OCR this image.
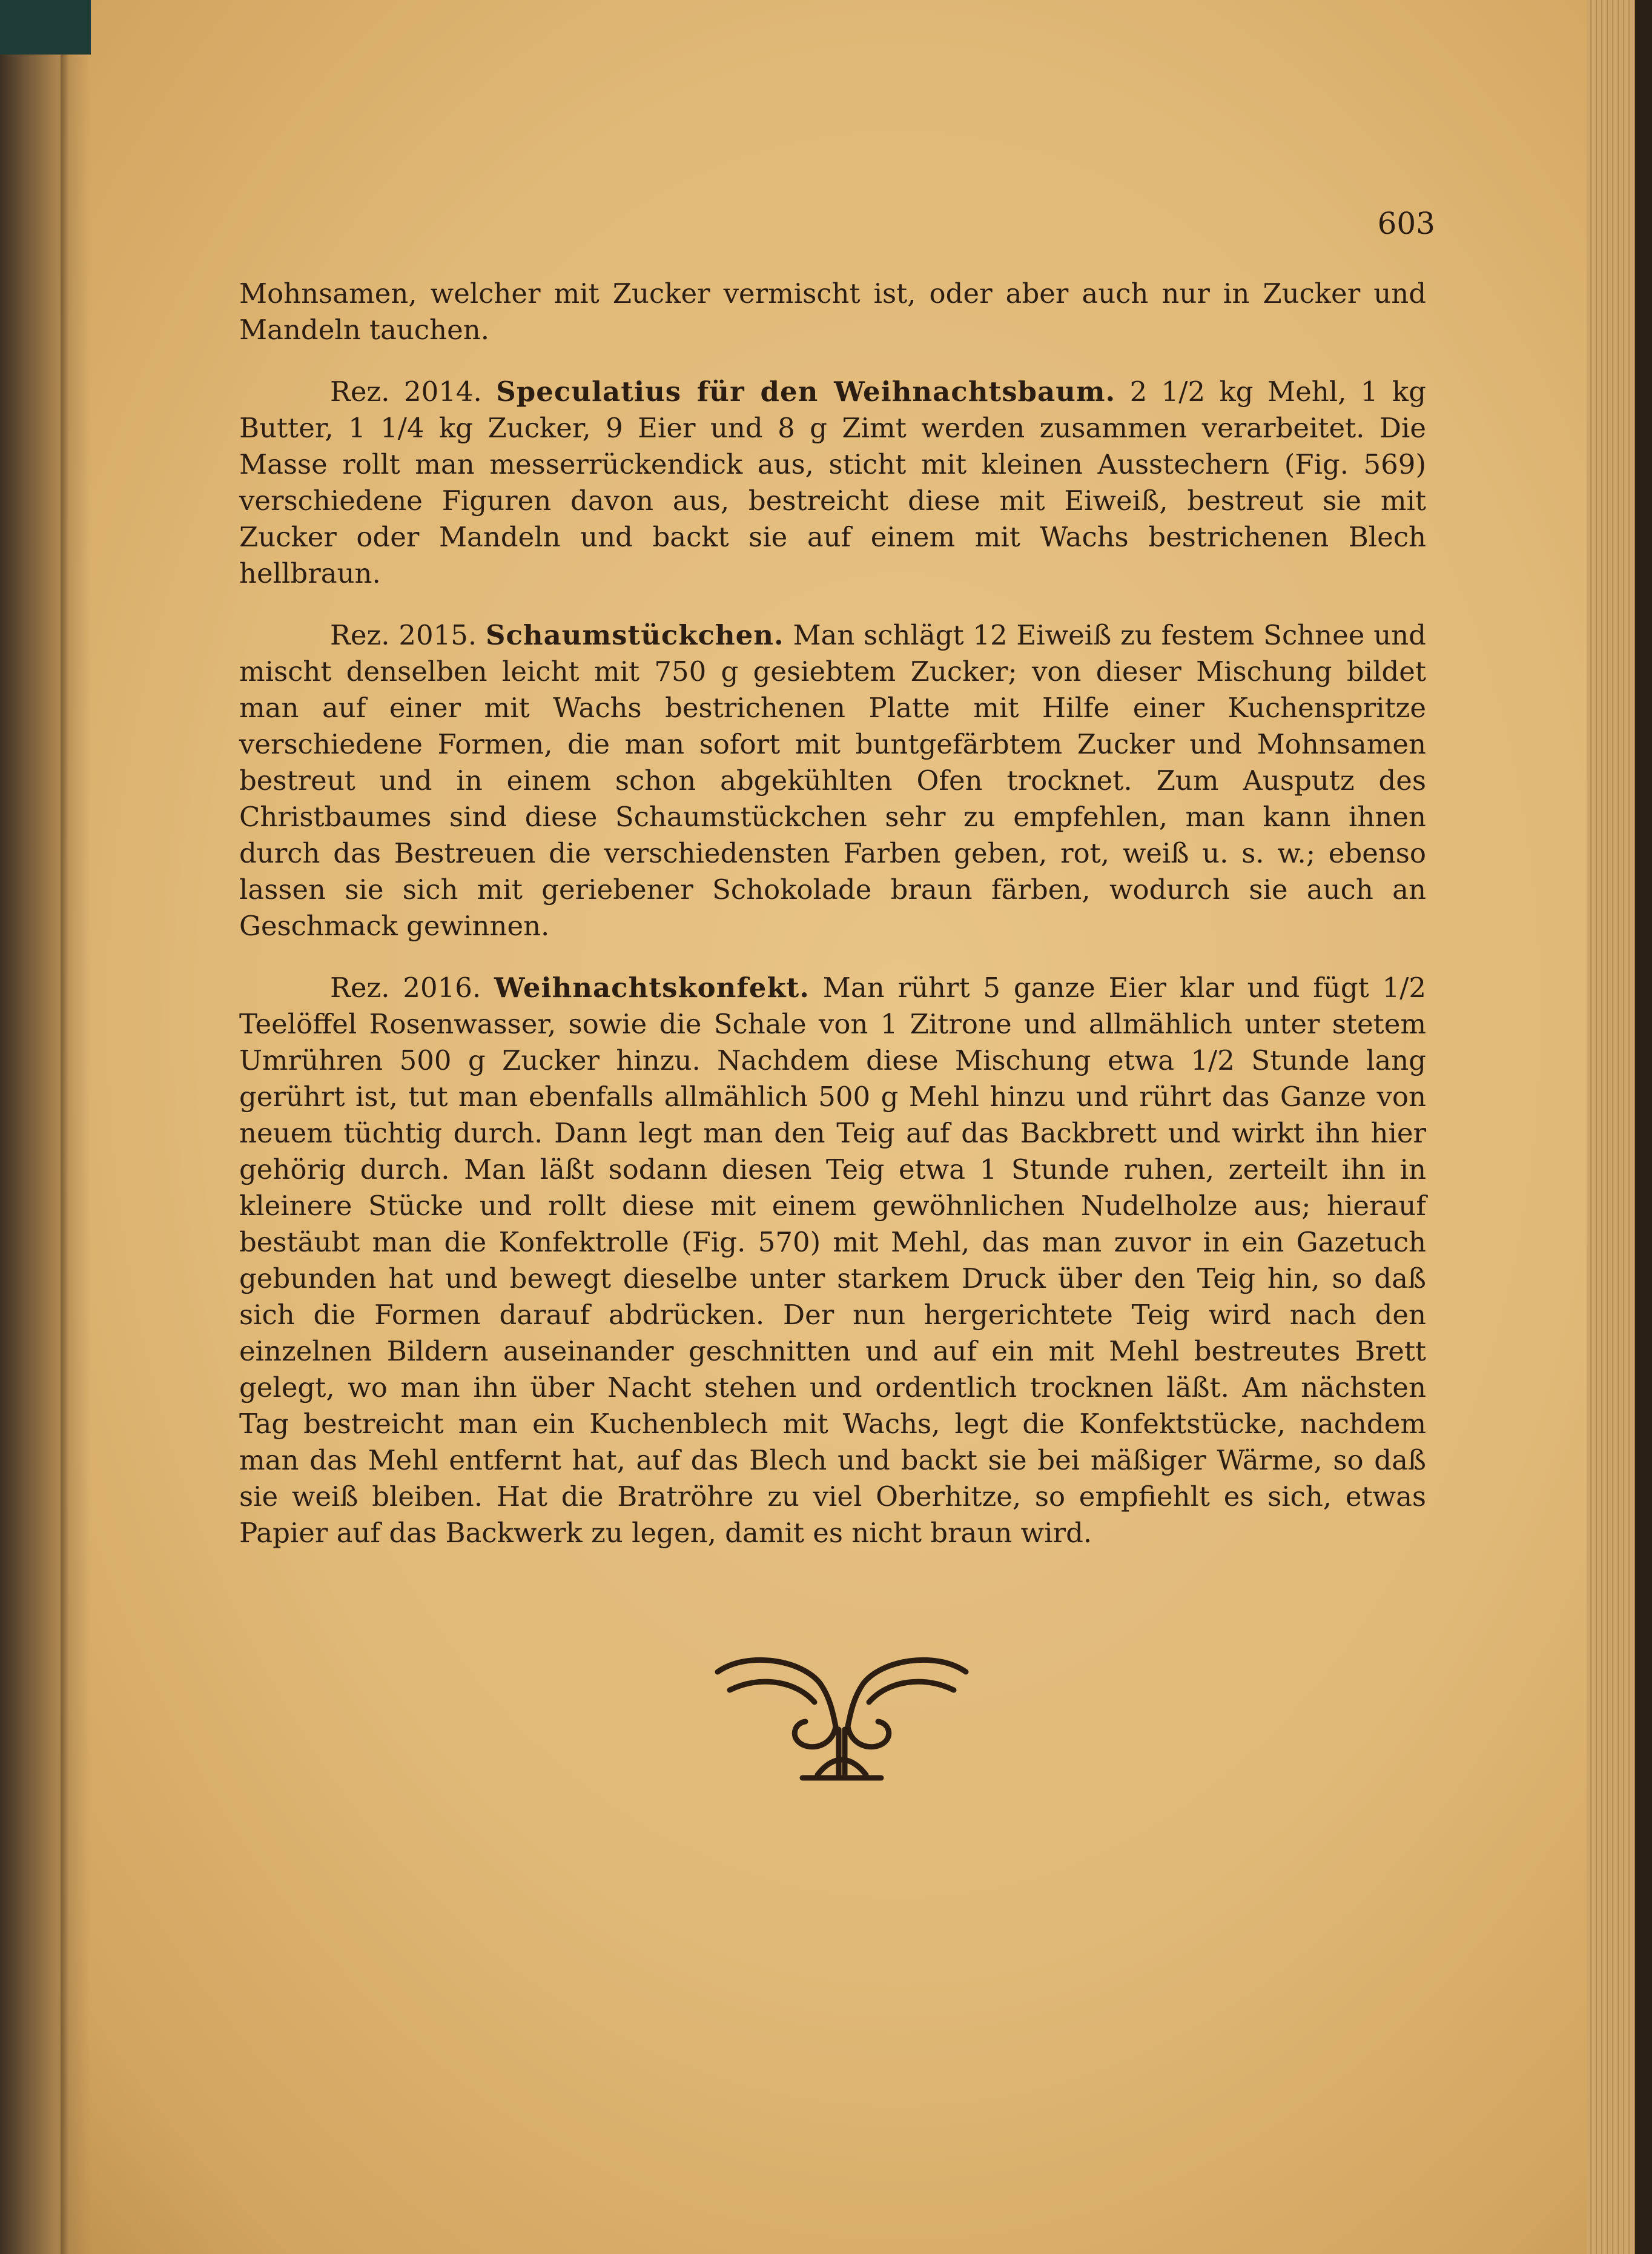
603

Mohnsamen, welcher mit Zucker vermischt ist, oder aber auch nur in Zucker und Mandeln tauchen.

Rez. 2014. Speculatius für den Weihnachtsbaum. 2 1/2 kg Mehl, 1 kg Butter, 1 1/4 kg Zucker, 9 Eier und 8 g Zimt werden zusammen verarbeitet. Die Masse rollt man messerrückendick aus, sticht mit kleinen Ausstechern (Fig. 569) verschiedene Figuren davon aus, bestreicht diese mit Eiweiß, bestreut sie mit Zucker oder Mandeln und backt sie auf einem mit Wachs bestrichenen Blech hellbraun.

Rez. 2015. Schaumstückchen. Man schlägt 12 Eiweiß zu festem Schnee und mischt denselben leicht mit 750 g gesiebtem Zucker; von dieser Mischung bildet man auf einer mit Wachs bestrichenen Platte mit Hilfe einer Kuchenspritze verschiedene Formen, die man sofort mit buntgefärbtem Zucker und Mohnsamen bestreut und in einem schon abgekühlten Ofen trocknet. Zum Ausputz des Christbaumes sind diese Schaumstückchen sehr zu empfehlen, man kann ihnen durch das Bestreuen die verschiedensten Farben geben, rot, weiß u. s. w.; ebenso lassen sie sich mit geriebener Schokolade braun färben, wodurch sie auch an Geschmack gewinnen.

Rez. 2016. Weihnachtskonfekt. Man rührt 5 ganze Eier klar und fügt 1/2 Teelöffel Rosenwasser, sowie die Schale von 1 Zitrone und allmählich unter stetem Umrühren 500 g Zucker hinzu. Nachdem diese Mischung etwa 1/2 Stunde lang gerührt ist, tut man ebenfalls allmählich 500 g Mehl hinzu und rührt das Ganze von neuem tüchtig durch. Dann legt man den Teig auf das Backbrett und wirkt ihn hier gehörig durch. Man läßt sodann diesen Teig etwa 1 Stunde ruhen, zerteilt ihn in kleinere Stücke und rollt diese mit einem gewöhnlichen Nudelholze aus; hierauf bestäubt man die Konfektrolle (Fig. 570) mit Mehl, das man zuvor in ein Gazetuch gebunden hat und bewegt dieselbe unter starkem Druck über den Teig hin, so daß sich die Formen darauf abdrücken. Der nun hergerichtete Teig wird nach den einzelnen Bildern auseinander geschnitten und auf ein mit Mehl bestreutes Brett gelegt, wo man ihn über Nacht stehen und ordentlich trocknen läßt. Am nächsten Tag bestreicht man ein Kuchenblech mit Wachs, legt die Konfektstücke, nachdem man das Mehl entfernt hat, auf das Blech und backt sie bei mäßiger Wärme, so daß sie weiß bleiben. Hat die Bratröhre zu viel Oberhitze, so empfiehlt es sich, etwas Papier auf das Backwerk zu legen, damit es nicht braun wird.
